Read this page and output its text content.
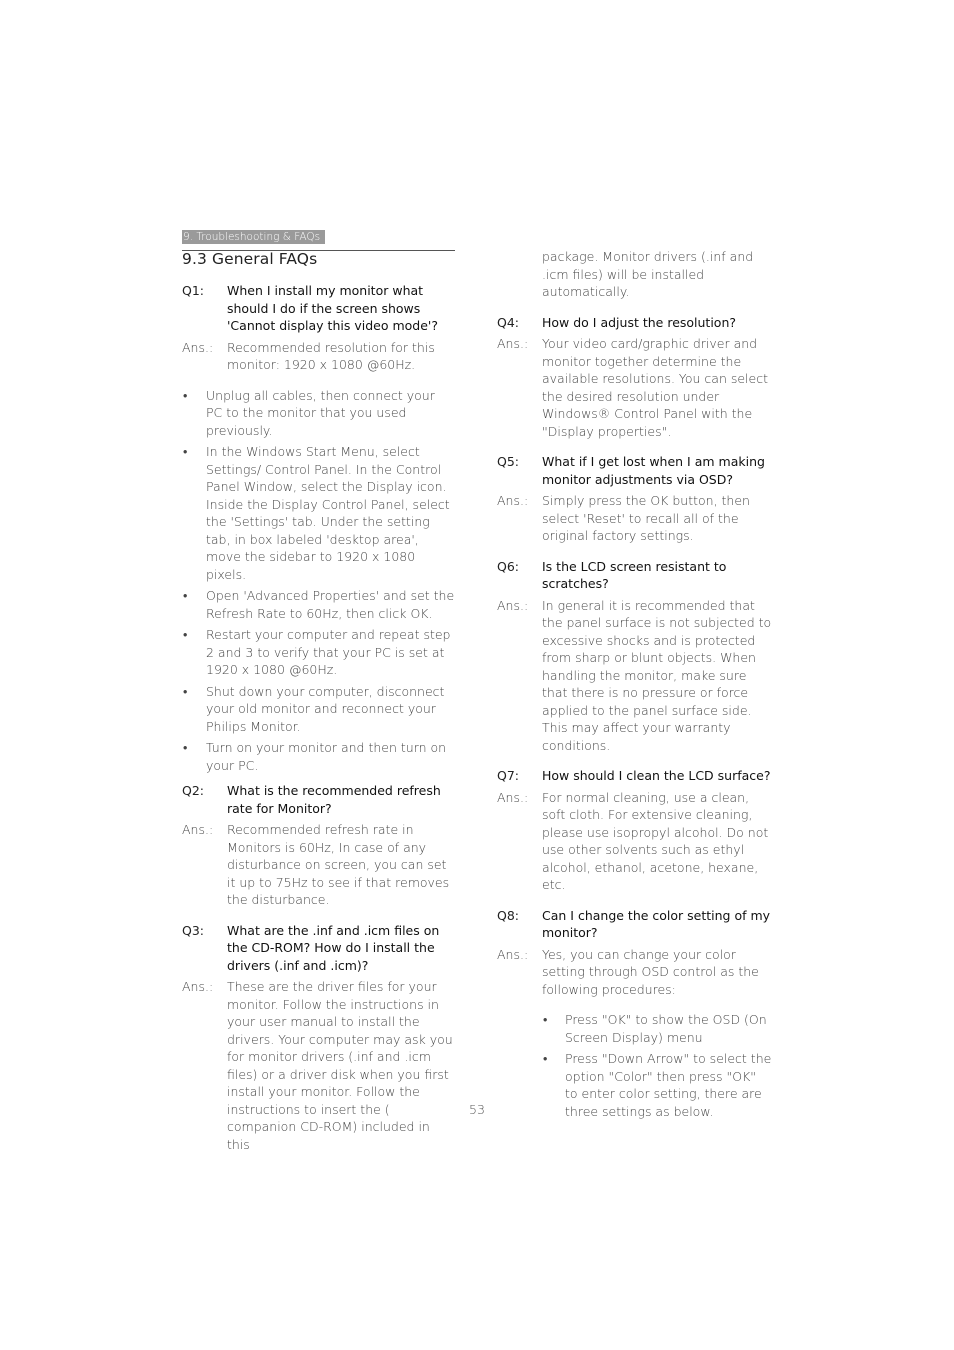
9. Troubleshooting & FAQs
9.3 General FAQs
Q1:	When I install my monitor what should I do if the screen shows 'Cannot display this video mode'?
Ans.:	Recommended resolution for this monitor: 1920 x 1080 @60Hz.
•	Unplug all cables, then connect your PC to the monitor that you used previously.
•	In the Windows Start Menu, select Settings/ Control Panel. In the Control Panel Window, select the Display icon. Inside the Display Control Panel, select the 'Settings' tab. Under the setting tab, in box labeled 'desktop area', move the sidebar to 1920 x 1080 pixels.
•	Open 'Advanced Properties' and set the Refresh Rate to 60Hz, then click OK.
•	Restart your computer and repeat step 2 and 3 to verify that your PC is set at 1920 x 1080 @60Hz.
•	Shut down your computer, disconnect your old monitor and reconnect your Philips Monitor.
•	Turn on your monitor and then turn on your PC.
Q2:	What is the recommended refresh rate for Monitor?
Ans.:	Recommended refresh rate in Monitors is 60Hz, In case of any disturbance on screen, you can set it up to 75Hz to see if that removes the disturbance.
Q3:	What are the .inf and .icm files on the CD-ROM? How do I install the drivers (.inf and .icm)?
Ans.:	These are the driver files for your monitor. Follow the instructions in your user manual to install the drivers. Your computer may ask you for monitor drivers (.inf and .icm files) or a driver disk when you first install your monitor. Follow the instructions to insert the ( companion CD-ROM) included in this
package. Monitor drivers (.inf and .icm files) will be installed automatically.
Q4:	How do I adjust the resolution?
Ans.:	Your video card/graphic driver and monitor together determine the available resolutions. You can select the desired resolution under Windows® Control Panel with the "Display properties".
Q5:	What if I get lost when I am making monitor adjustments via OSD?
Ans.:	Simply press the OK button, then select 'Reset' to recall all of the original factory settings.
Q6:	Is the LCD screen resistant to scratches?
Ans.:	In general it is recommended that the panel surface is not subjected to excessive shocks and is protected from sharp or blunt objects. When handling the monitor, make sure that there is no pressure or force applied to the panel surface side. This may affect your warranty conditions.
Q7:	How should I clean the LCD surface?
Ans.:	For normal cleaning, use a clean, soft cloth. For extensive cleaning, please use isopropyl alcohol. Do not use other solvents such as ethyl alcohol, ethanol, acetone, hexane, etc.
Q8:	Can I change the color setting of my monitor?
Ans.:	Yes, you can change your color setting through OSD control as the following procedures:
•	Press "OK" to show the OSD (On Screen Display) menu
•	Press "Down Arrow" to select the option "Color" then press "OK" to enter color setting, there are three settings as below.
53
